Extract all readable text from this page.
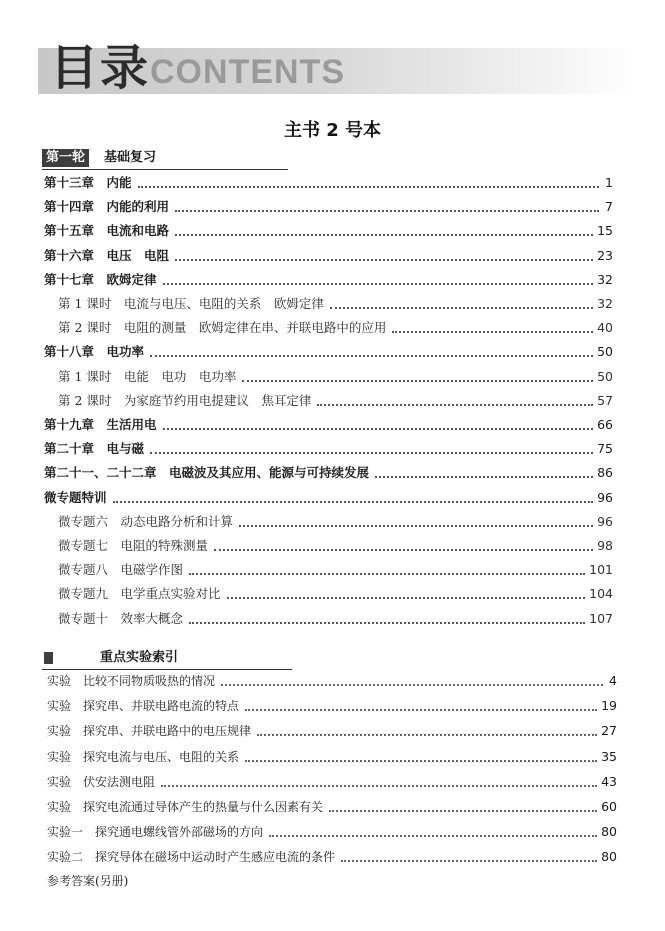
目录 CONTENTS
主书 2 号本
第一轮	基础复习
第十三章　内能	1
第十四章　内能的利用	7
第十五章　电流和电路	15
第十六章　电压　电阻	23
第十七章　欧姆定律	32
第 1 课时　电流与电压、电阻的关系　欧姆定律	32
第 2 课时　电阻的测量　欧姆定律在串、并联电路中的应用	40
第十八章　电功率	50
第 1 课时　电能　电功　电功率	50
第 2 课时　为家庭节约用电提建议　焦耳定律	57
第十九章　生活用电	66
第二十章　电与磁	75
第二十一、二十二章　电磁波及其应用、能源与可持续发展	86
微专题特训	96
微专题六　动态电路分析和计算	96
微专题七　电阻的特殊测量	98
微专题八　电磁学作图	101
微专题九　电学重点实验对比	104
微专题十　效率大概念	107
重点实验索引
实验　比较不同物质吸热的情况	4
实验　探究串、并联电路电流的特点	19
实验　探究串、并联电路中的电压规律	27
实验　探究电流与电压、电阻的关系	35
实验　伏安法测电阻	43
实验　探究电流通过导体产生的热量与什么因素有关	60
实验一　探究通电螺线管外部磁场的方向	80
实验二　探究导体在磁场中运动时产生感应电流的条件	80
参考答案(另册)
